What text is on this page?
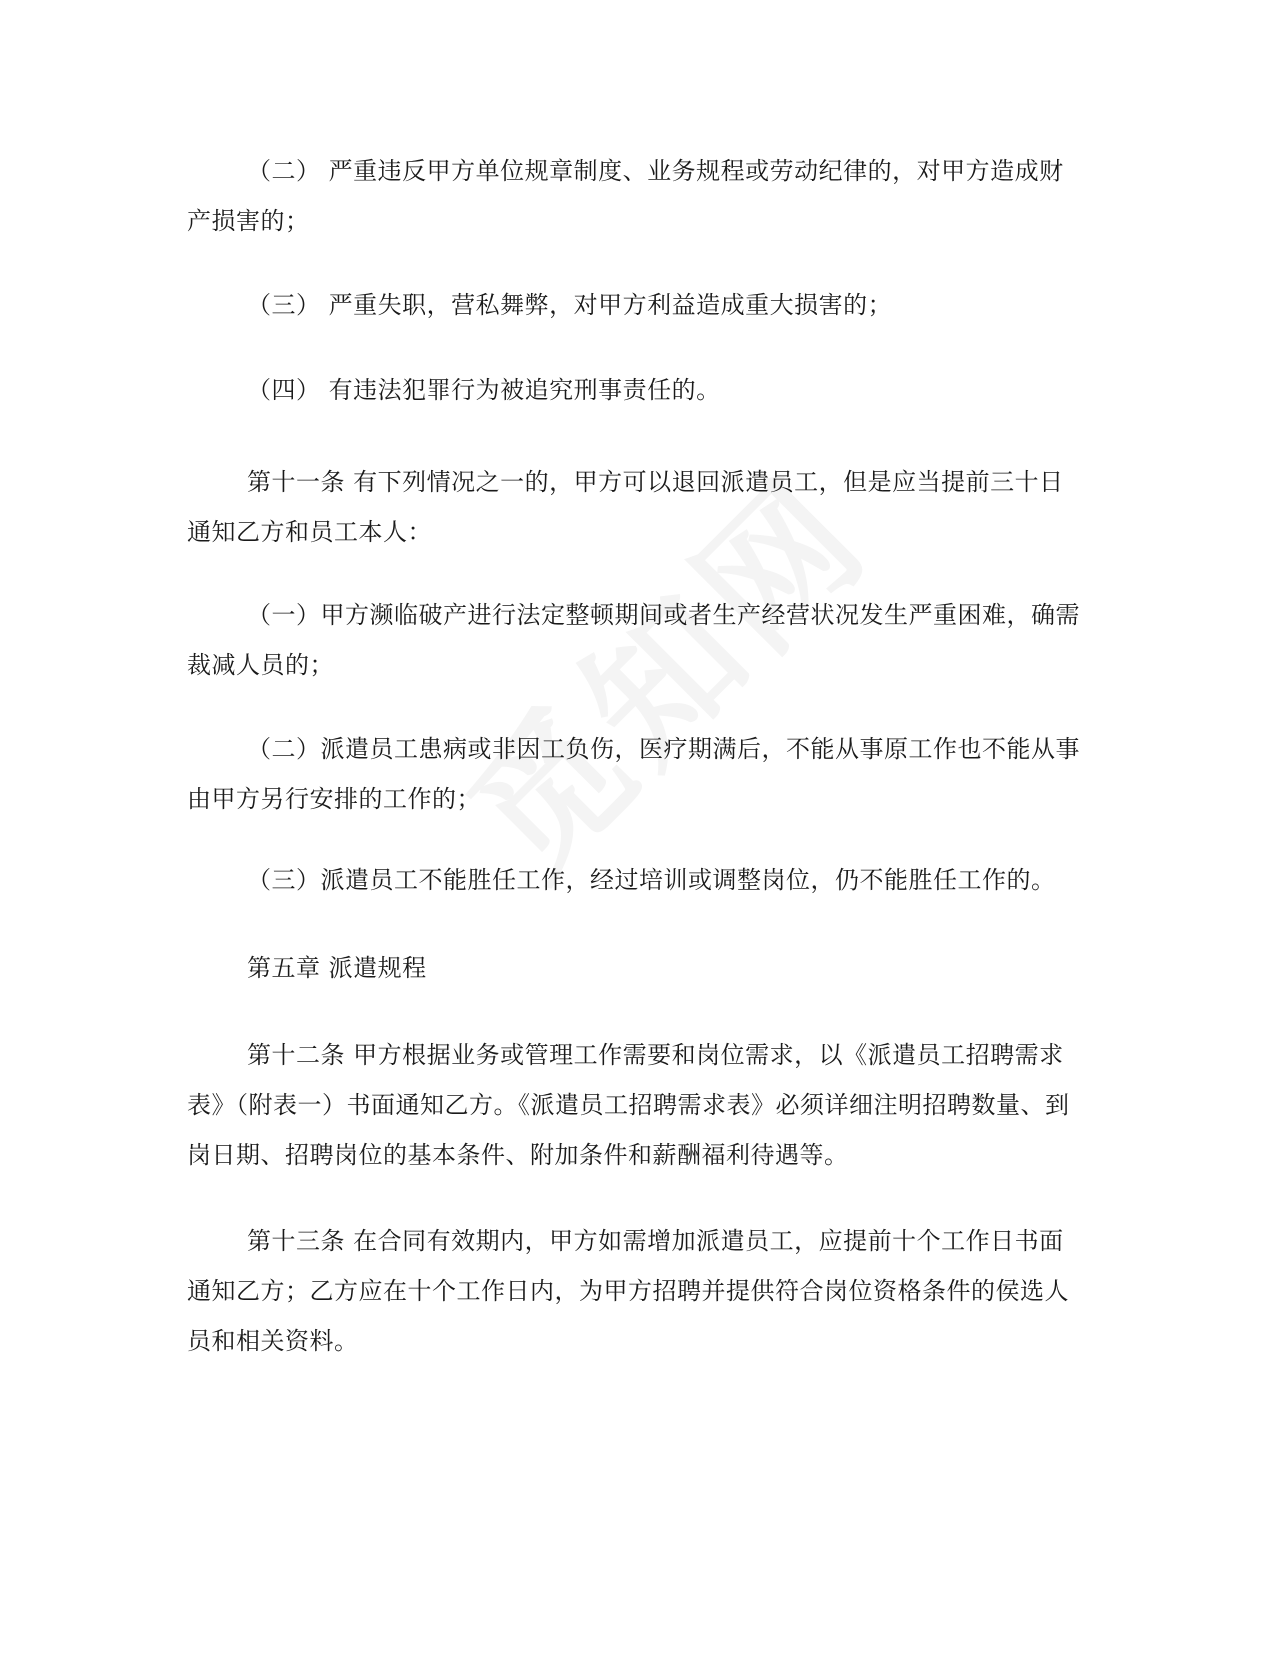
（二） 严重违反甲方单位规章制度、业务规程或劳动纪律的，对甲方造成财产损害的；

（三） 严重失职，营私舞弊，对甲方利益造成重大损害的；

（四） 有违法犯罪行为被追究刑事责任的。

第十一条 有下列情况之一的，甲方可以退回派遣员工，但是应当提前三十日通知乙方和员工本人：

（一）甲方濒临破产进行法定整顿期间或者生产经营状况发生严重困难，确需裁减人员的；

（二）派遣员工患病或非因工负伤，医疗期满后，不能从事原工作也不能从事由甲方另行安排的工作的；

（三）派遣员工不能胜任工作，经过培训或调整岗位，仍不能胜任工作的。

第五章 派遣规程

第十二条 甲方根据业务或管理工作需要和岗位需求，以《派遣员工招聘需求表》（附表一）书面通知乙方。《派遣员工招聘需求表》必须详细注明招聘数量、到岗日期、招聘岗位的基本条件、附加条件和薪酬福利待遇等。

第十三条 在合同有效期内，甲方如需增加派遣员工，应提前十个工作日书面通知乙方；乙方应在十个工作日内，为甲方招聘并提供符合岗位资格条件的侯选人员和相关资料。
